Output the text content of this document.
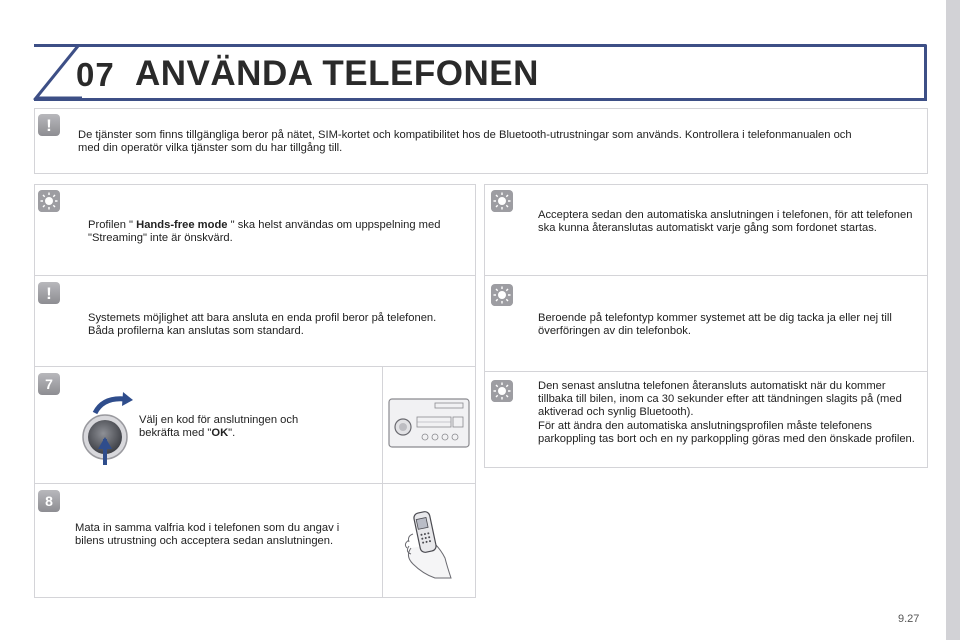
07 ANVÄNDA TELEFONEN
!
De tjänster som finns tillgängliga beror på nätet, SIM-kortet och kompatibilitet hos de Bluetooth-utrustningar som används. Kontrollera i telefonmanualen och med din operatör vilka tjänster som du har tillgång till.
Profilen " Hands-free mode " ska helst användas om uppspelning med "Streaming" inte är önskvärd.
!
Systemets möjlighet att bara ansluta en enda profil beror på telefonen. Båda profilerna kan anslutas som standard.
7
Välj en kod för anslutningen och
bekräfta med "OK".
8
Mata in samma valfria kod i telefonen som du angav i bilens utrustning och acceptera sedan anslutningen.
Acceptera sedan den automatiska anslutningen i telefonen, för att telefonen ska kunna återanslutas automatiskt varje gång som fordonet startas.
Beroende på telefontyp kommer systemet att be dig tacka ja eller nej till överföringen av din telefonbok.
Den senast anslutna telefonen återansluts automatiskt när du kommer tillbaka till bilen, inom ca 30 sekunder efter att tändningen slagits på (med aktiverad och synlig Bluetooth).
För att ändra den automatiska anslutningsprofilen måste telefonens parkoppling tas bort och en ny parkoppling göras med den önskade profilen.
9.27
